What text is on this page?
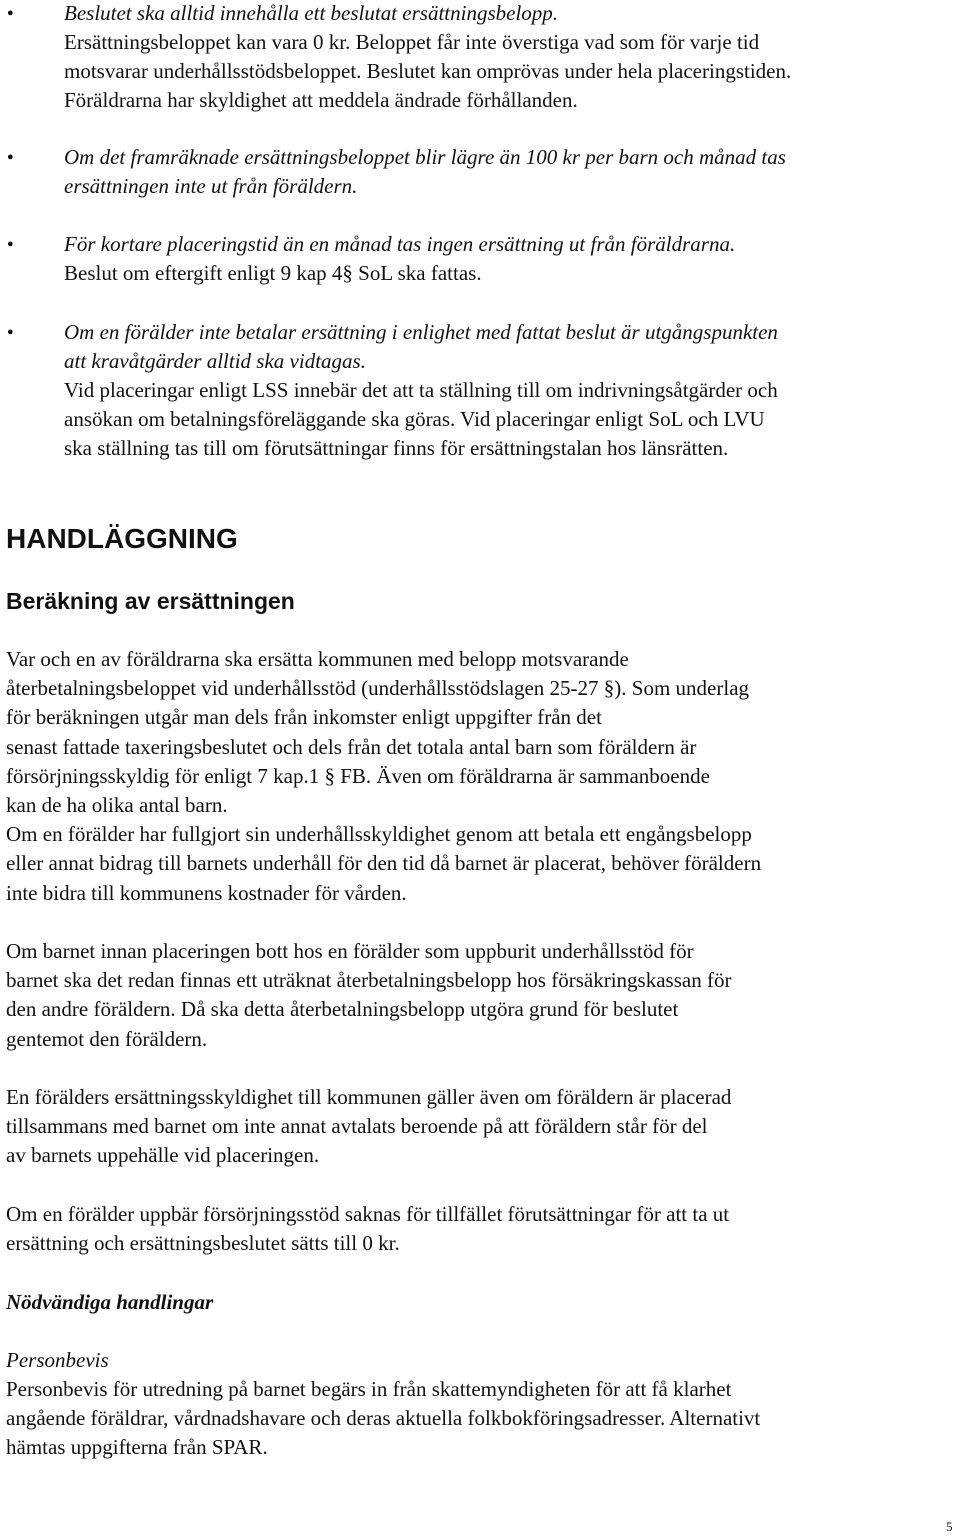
● Beslutet ska alltid innehålla ett beslutat ersättningsbelopp.
Ersättningsbeloppet kan vara 0 kr. Beloppet får inte överstiga vad som för varje tid
motsvarar underhållsstödsbeloppet. Beslutet kan omprövas under hela placeringstiden.
Föräldrarna har skyldighet att meddela ändrade förhållanden.
● Om det framräknade ersättningsbeloppet blir lägre än 100 kr per barn och månad tas
ersättningen inte ut från föräldern.
● För kortare placeringstid än en månad tas ingen ersättning ut från föräldrarna.
Beslut om eftergift enligt 9 kap 4§ SoL ska fattas.
● Om en förälder inte betalar ersättning i enlighet med fattat beslut är utgångspunkten
att kravåtgärder alltid ska vidtagas.
Vid placeringar enligt LSS innebär det att ta ställning till om indrivningsåtgärder och
ansökan om betalningsföreläggande ska göras. Vid placeringar enligt SoL och LVU
ska ställning tas till om förutsättningar finns för ersättningstalan hos länsrätten.
HANDLÄGGNING
Beräkning av ersättningen
Var och en av föräldrarna ska ersätta kommunen med belopp motsvarande
återbetalningsbeloppet vid underhållsstöd (underhållsstödslagen 25-27 §). Som underlag
för beräkningen utgår man dels från inkomster enligt uppgifter från det
senast fattade taxeringsbeslutet och dels från det totala antal barn som föräldern är
försörjningsskyldig för enligt 7 kap.1 § FB. Även om föräldrarna är sammanboende
kan de ha olika antal barn.
Om en förälder har fullgjort sin underhållsskyldighet genom att betala ett engångsbelopp
eller annat bidrag till barnets underhåll för den tid då barnet är placerat, behöver föräldern
inte bidra till kommunens kostnader för vården.
Om barnet innan placeringen bott hos en förälder som uppburit underhållsstöd för
barnet ska det redan finnas ett uträknat återbetalningsbelopp hos försäkringskassan för
den andre föräldern. Då ska detta återbetalningsbelopp utgöra grund för beslutet
gentemot den föräldern.
En förälders ersättningsskyldighet till kommunen gäller även om föräldern är placerad
tillsammans med barnet om inte annat avtalats beroende på att föräldern står för del
av barnets uppehälle vid placeringen.
Om en förälder uppbär försörjningsstöd saknas för tillfället förutsättningar för att ta ut
ersättning och ersättningsbeslutet sätts till 0 kr.
Nödvändiga handlingar
Personbevis
Personbevis för utredning på barnet begärs in från skattemyndigheten för att få klarhet
angående föräldrar, vårdnadshavare och deras aktuella folkbokföringsadresser. Alternativt
hämtas uppgifterna från SPAR.
5
